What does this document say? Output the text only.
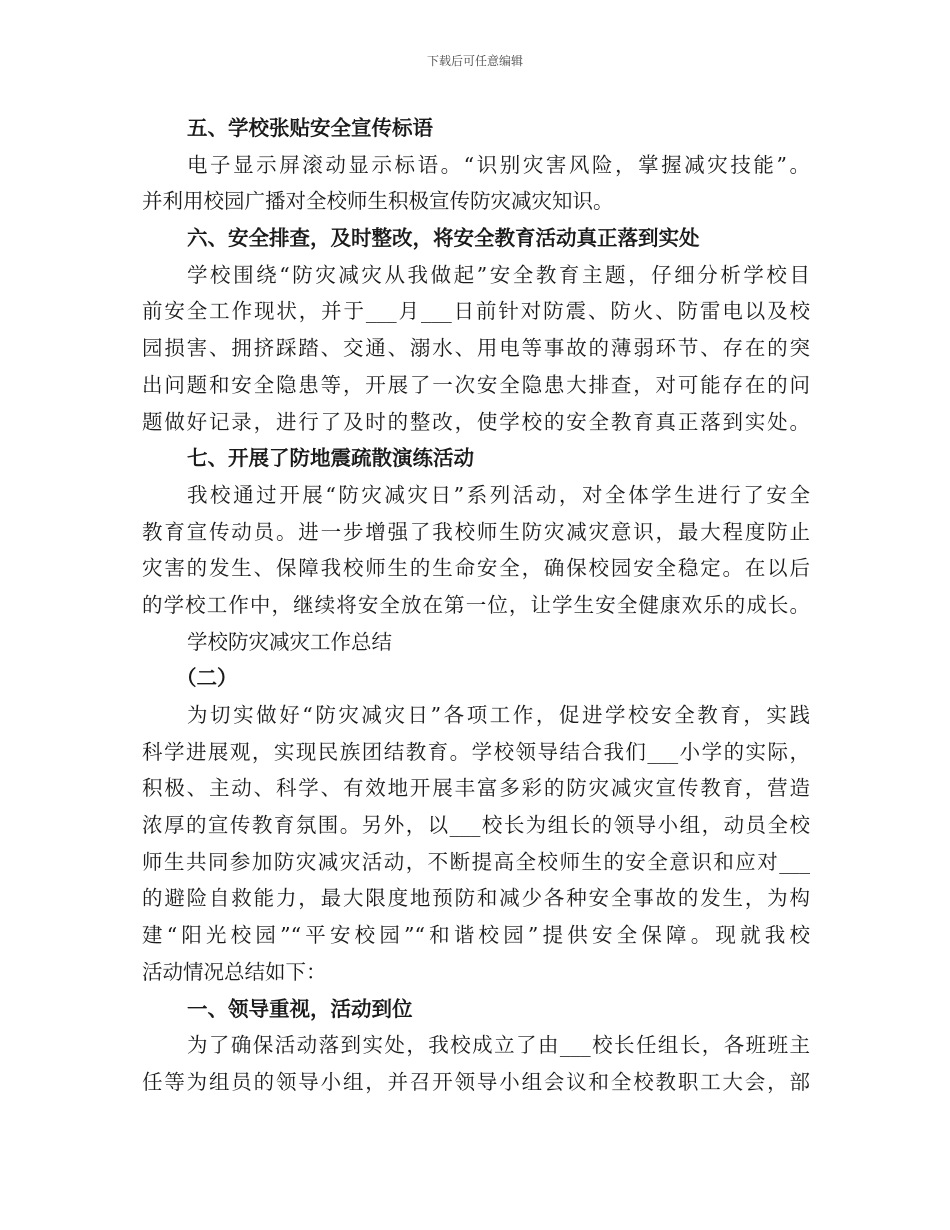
下载后可任意编辑
五、学校张贴安全宣传标语
电子显示屏滚动显示标语。“识别灾害风险，掌握减灾技能”。
并利用校园广播对全校师生积极宣传防灾减灾知识。
六、安全排查，及时整改，将安全教育活动真正落到实处
学校围绕“防灾减灾从我做起”安全教育主题，仔细分析学校目
前安全工作现状，并于___月___日前针对防震、防火、防雷电以及校
园损害、拥挤踩踏、交通、溺水、用电等事故的薄弱环节、存在的突
出问题和安全隐患等，开展了一次安全隐患大排查，对可能存在的问
题做好记录，进行了及时的整改，使学校的安全教育真正落到实处。
七、开展了防地震疏散演练活动
我校通过开展“防灾减灾日”系列活动，对全体学生进行了安全
教育宣传动员。进一步增强了我校师生防灾减灾意识，最大程度防止
灾害的发生、保障我校师生的生命安全，确保校园安全稳定。在以后
的学校工作中，继续将安全放在第一位，让学生安全健康欢乐的成长。
学校防灾减灾工作总结
（二）
为切实做好“防灾减灾日”各项工作，促进学校安全教育，实践
科学进展观，实现民族团结教育。学校领导结合我们___小学的实际，
积极、主动、科学、有效地开展丰富多彩的防灾减灾宣传教育，营造
浓厚的宣传教育氛围。另外，以___校长为组长的领导小组，动员全校
师生共同参加防灾减灾活动，不断提高全校师生的安全意识和应对___
的避险自救能力，最大限度地预防和减少各种安全事故的发生，为构
建“阳光校园”“平安校园”“和谐校园”提供安全保障。现就我校
活动情况总结如下：
一、领导重视，活动到位
为了确保活动落到实处，我校成立了由___校长任组长，各班班主
任等为组员的领导小组，并召开领导小组会议和全校教职工大会，部
